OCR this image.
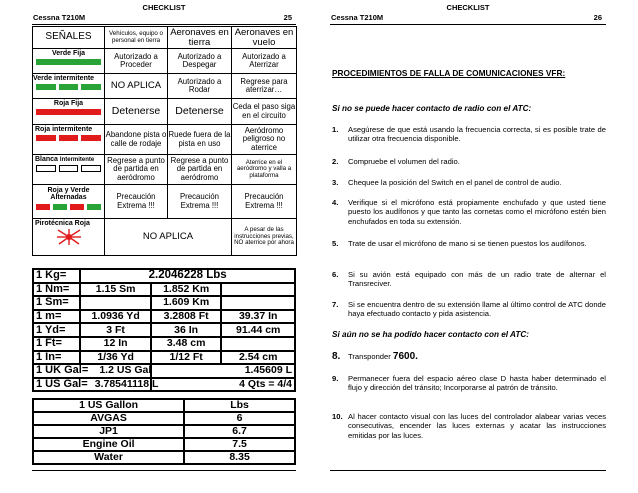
CHECKLIST
Cessna T210M	25
SEÑALES	Vehículos, equipo o personal en tierra	Aeronaves en tierra	Aeronaves en vuelo

Verde Fija	Autorizado a Proceder	Autorizado a Despegar	Autorizado a Aterrizar

Verde intermitente	NO APLICA	Autorizado a Rodar	Regrese para aterrizar…

Roja Fija	Detenerse	Detenerse	Ceda el paso siga en el circuito

Roja intermitente	Abandone pista o calle de rodaje	Ruede fuera de la pista en uso	Aeródromo peligroso no aterrice

Blanca Intermitente	Regrese a punto de partida en aeródromo	Regrese a punto de partida en aeródromo	Aterrice en el aeródromo y valla a plataforma

Roja y Verde Alternadas	Precaución Extrema !!!	Precaución Extrema !!!	Precaución Extrema !!!

Pirotécnica Roja	NO APLICA		A pesar de las instrucciones previas, NO aterrice por ahora
1 Kg=	2.2046228 Lbs		
1 Nm=	1.15 Sm	1.852 Km	
1 Sm=		1.609 Km	
1 m=	1.0936 Yd	3.2808 Ft	39.37 In
1 Yd=	3 Ft	36 In	91.44 cm
1 Ft=	12 In	3.48 cm	
1 In=	1/36 Yd	1/12 Ft	2.54 cm
1 UK Gal= 1.2 US Gal		1.45609 L	
1 US Gal= 3.78541118 L		4 Qts = 4/4	
1 US Gallon	Lbs
AVGAS	6
JP1	6.7
Engine Oil	7.5
Water	8.35
CHECKLIST
Cessna T210M	26
PROCEDIMIENTOS DE FALLA DE COMUNICACIONES VFR:
Si no se puede hacer contacto de radio con el ATC:
1. Asegúrese de que está usando la frecuencia correcta, si es posible trate de utilizar otra frecuencia disponible.
2. Compruebe el volumen del radio.
3. Chequee la posición del Switch en el panel de control de audio.
4. Verifique si el micrófono está propiamente enchufado y que usted tiene puesto los audífonos y que tanto las cornetas como el micrófono estén bien enchufados en toda su extensión.
5. Trate de usar el micrófono de mano si se tienen puestos los audífonos.
6. Si su avión está equipado con más de un radio trate de alternar el Transreciver.
7. Si se encuentra dentro de su extensión llame al último control de ATC donde haya efectuado contacto y pida asistencia.
Si aún no se ha podido hacer contacto con el ATC:
8. Transponder 7600.
9. Permanecer fuera del espacio aéreo clase D hasta haber determinado el flujo y dirección del tránsito; Incorporarse al patrón de tránsito.
10. Al hacer contacto visual con las luces del controlador alabear varias veces consecutivas, encender las luces externas y acatar las instrucciones emitidas por las luces.
